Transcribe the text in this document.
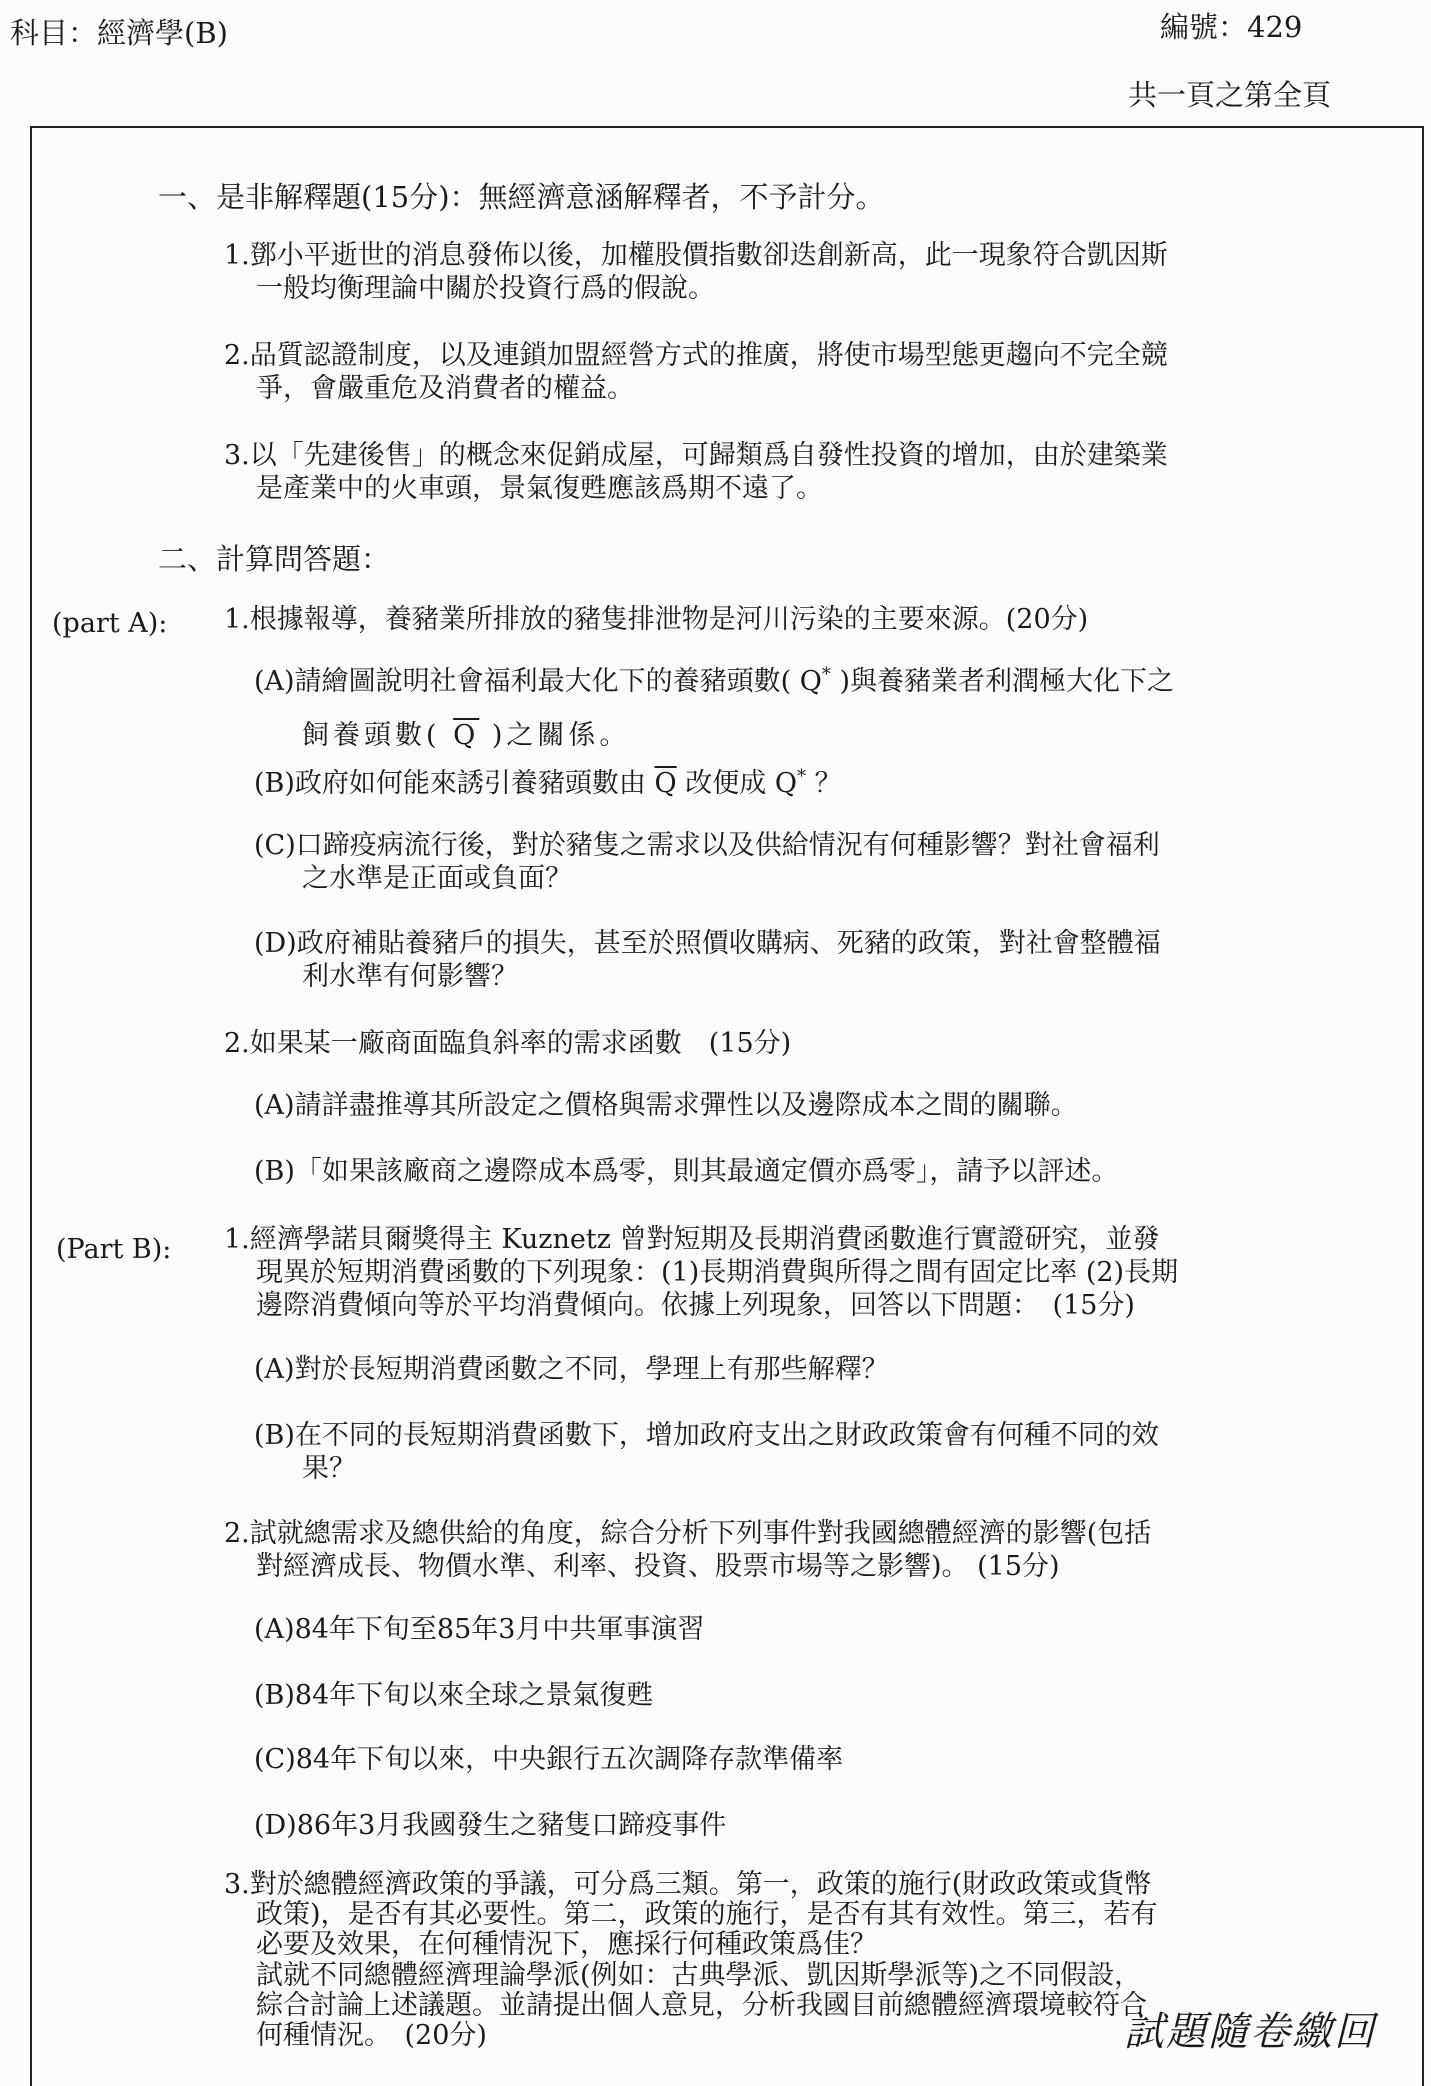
科目：經濟學(B)	編號：429
共一頁之第全頁
一、是非解釋題(15分)：無經濟意涵解釋者，不予計分。
1.鄧小平逝世的消息發佈以後，加權股價指數卻迭創新高，此一現象符合凱因斯
一般均衡理論中關於投資行爲的假說。
2.品質認證制度，以及連鎖加盟經營方式的推廣，將使市場型態更趨向不完全競
爭，會嚴重危及消費者的權益。
3.以「先建後售」的概念來促銷成屋，可歸類爲自發性投資的增加，由於建築業
是產業中的火車頭，景氣復甦應該爲期不遠了。
二、計算問答題：
(part A): 1.根據報導，養豬業所排放的豬隻排泄物是河川污染的主要來源。(20分)
(A)請繪圖說明社會福利最大化下的養豬頭數( Q* )與養豬業者利潤極大化下之
飼養頭數( $\overline{Q}$ )之關係。
(B)政府如何能來誘引養豬頭數由 $\overline{Q}$ 改便成 Q* ？
(C)口蹄疫病流行後，對於豬隻之需求以及供給情況有何種影響？對社會福利
之水準是正面或負面？
(D)政府補貼養豬戶的損失，甚至於照價收購病、死豬的政策，對社會整體福
利水準有何影響？
2.如果某一廠商面臨負斜率的需求函數　(15分)
(A)請詳盡推導其所設定之價格與需求彈性以及邊際成本之間的關聯。
(B)「如果該廠商之邊際成本爲零，則其最適定價亦爲零」，請予以評述。
(Part B): 1.經濟學諾貝爾獎得主 Kuznetz 曾對短期及長期消費函數進行實證研究，並發
現異於短期消費函數的下列現象：(1)長期消費與所得之間有固定比率 (2)長期
邊際消費傾向等於平均消費傾向。依據上列現象，回答以下問題：　(15分)
(A)對於長短期消費函數之不同，學理上有那些解釋？
(B)在不同的長短期消費函數下，增加政府支出之財政政策會有何種不同的效
果？
2.試就總需求及總供給的角度，綜合分析下列事件對我國總體經濟的影響(包括
對經濟成長、物價水準、利率、投資、股票市場等之影響)。 (15分)
(A)84年下旬至85年3月中共軍事演習
(B)84年下旬以來全球之景氣復甦
(C)84年下旬以來，中央銀行五次調降存款準備率
(D)86年3月我國發生之豬隻口蹄疫事件
3.對於總體經濟政策的爭議，可分爲三類。第一，政策的施行(財政政策或貨幣
政策)，是否有其必要性。第二，政策的施行，是否有其有效性。第三，若有
必要及效果，在何種情況下，應採行何種政策爲佳？
試就不同總體經濟理論學派(例如：古典學派、凱因斯學派等)之不同假設，
綜合討論上述議題。並請提出個人意見，分析我國目前總體經濟環境較符合
何種情況。　(20分)	試題隨卷繳回
